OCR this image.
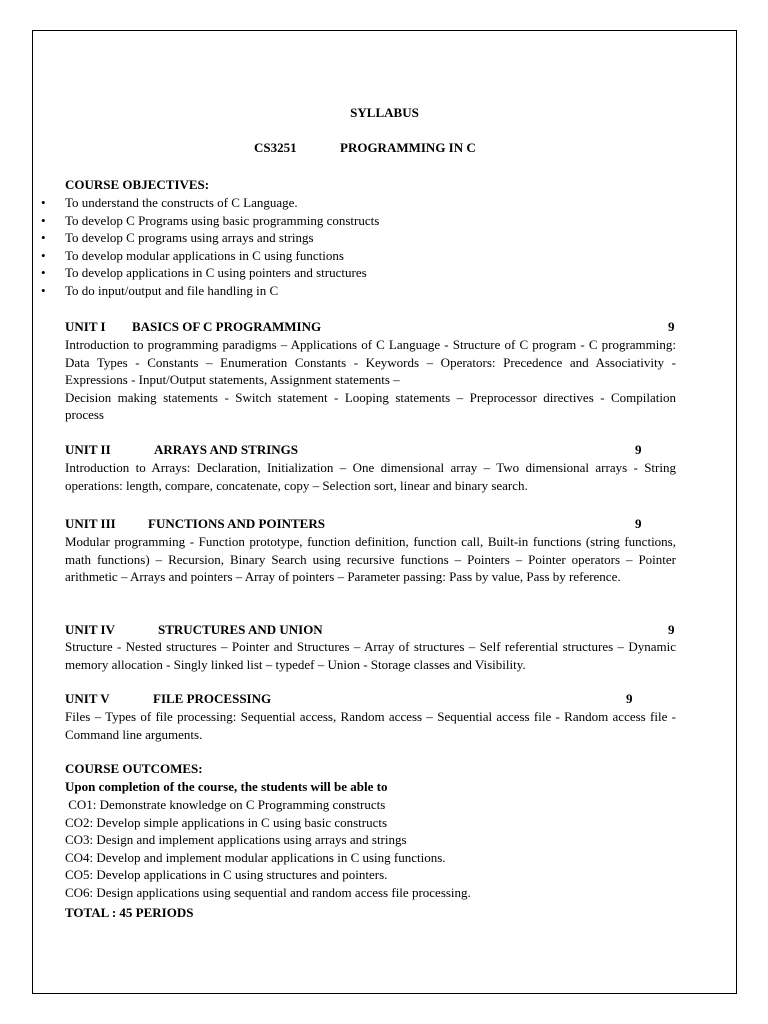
SYLLABUS
CS3251	PROGRAMMING IN C
COURSE OBJECTIVES:
• To understand the constructs of C Language.
• To develop C Programs using basic programming constructs
• To develop C programs using arrays and strings
• To develop modular applications in C using functions
• To develop applications in C using pointers and structures
• To do input/output and file handling in C
UNIT I BASICS OF C PROGRAMMING	9

Introduction to programming paradigms – Applications of C Language - Structure of C program - C programming: Data Types - Constants – Enumeration Constants - Keywords – Operators: Precedence and Associativity - Expressions - Input/Output statements, Assignment statements –

Decision making statements - Switch statement - Looping statements – Preprocessor directives - Compilation process

UNIT II	ARRAYS AND STRINGS	9

Introduction to Arrays: Declaration, Initialization – One dimensional array – Two dimensional arrays - String operations: length, compare, concatenate, copy – Selection sort, linear and binary search.

UNIT III FUNCTIONS AND POINTERS	9

Modular programming - Function prototype, function definition, function call, Built-in functions (string functions, math functions) – Recursion, Binary Search using recursive functions – Pointers – Pointer operators – Pointer arithmetic – Arrays and pointers – Array of pointers – Parameter passing: Pass by value, Pass by reference.

UNIT IV	STRUCTURES AND UNION	9

Structure - Nested structures – Pointer and Structures – Array of structures – Self referential structures – Dynamic memory allocation - Singly linked list – typedef – Union - Storage classes and Visibility.

UNIT V	FILE PROCESSING	9

Files – Types of file processing: Sequential access, Random access – Sequential access file - Random access file - Command line arguments.

COURSE OUTCOMES:
Upon completion of the course, the students will be able to
CO1: Demonstrate knowledge on C Programming constructs
CO2: Develop simple applications in C using basic constructs
CO3: Design and implement applications using arrays and strings
CO4: Develop and implement modular applications in C using functions.
CO5: Develop applications in C using structures and pointers.
CO6: Design applications using sequential and random access file processing.
TOTAL : 45 PERIODS
